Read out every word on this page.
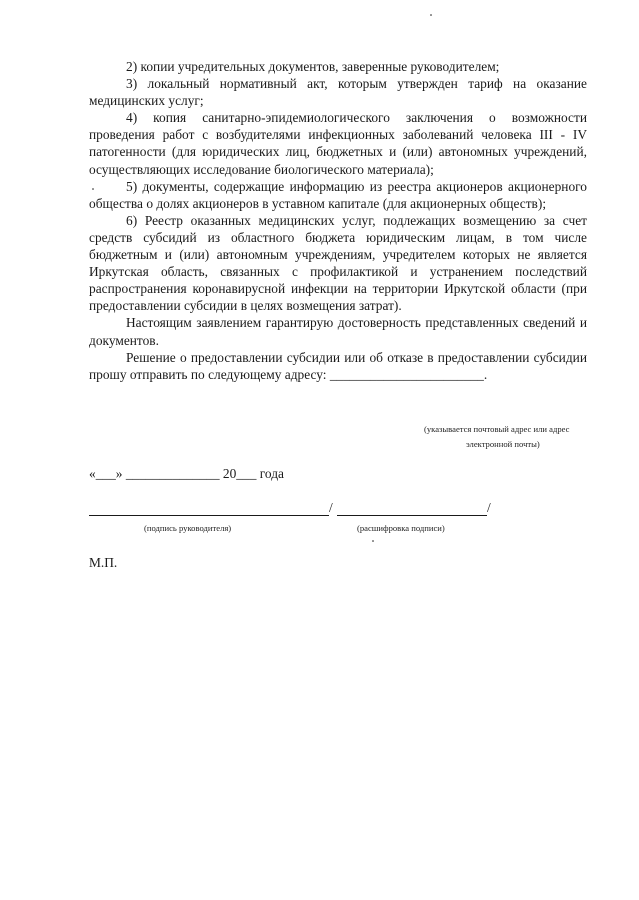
2) копии учредительных документов, заверенные руководителем;

3) локальный нормативный акт, которым утвержден тариф на оказание медицинских услуг;

4) копия санитарно-эпидемиологического заключения о возможности проведения работ с возбудителями инфекционных заболеваний человека III - IV патогенности (для юридических лиц, бюджетных и (или) автономных учреждений, осуществляющих исследование биологического материала);

5) документы, содержащие информацию из реестра акционеров акционерного общества о долях акционеров в уставном капитале (для акционерных обществ);

6) Реестр оказанных медицинских услуг, подлежащих возмещению за счет средств субсидий из областного бюджета юридическим лицам, в том числе бюджетным и (или) автономным учреждениям, учредителем которых не является Иркутская область, связанных с профилактикой и устранением последствий распространения коронавирусной инфекции на территории Иркутской области (при предоставлении субсидии в целях возмещения затрат).

Настоящим заявлением гарантирую достоверность представленных сведений и документов.

Решение о предоставлении субсидии или об отказе в предоставлении субсидии прошу отправить по следующему адресу: _______________________.

(указывается почтовый адрес или адрес
электронной почты)
«___» ______________ 20___ года
/	/
(подпись руководителя)	(расшифровка подписи)
М.П.
